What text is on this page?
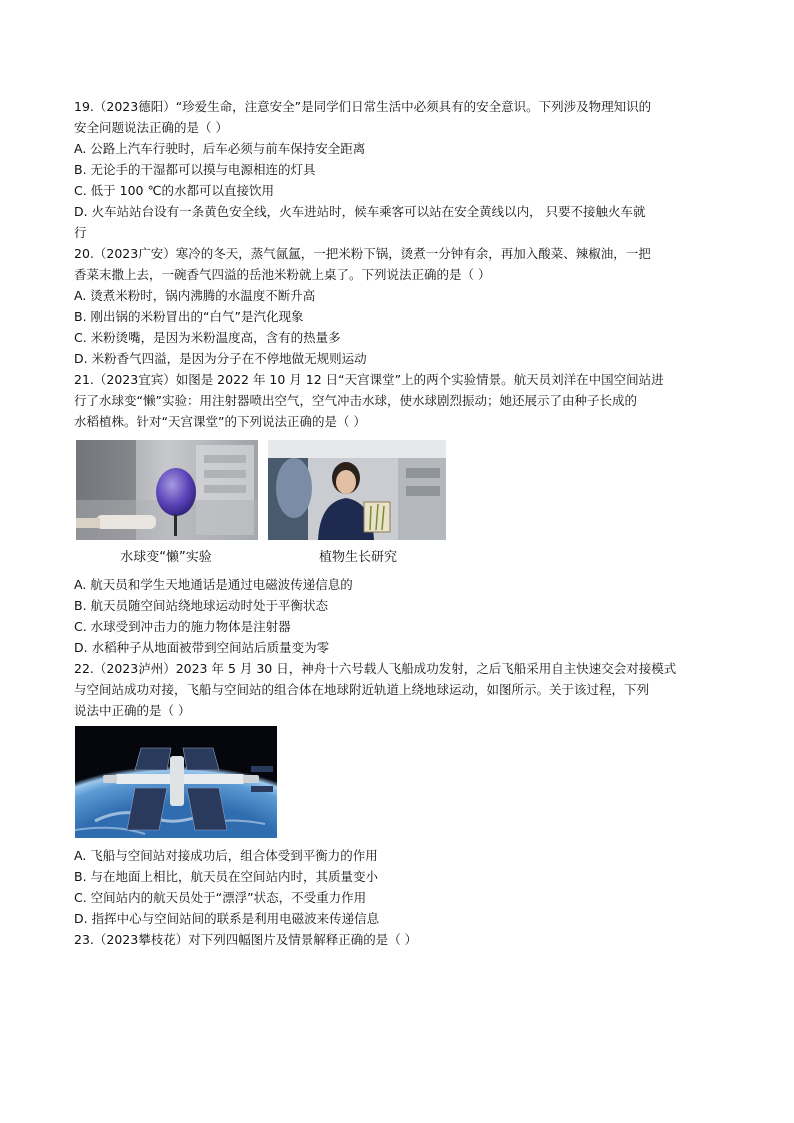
19.（2023德阳）“珍爱生命，注意安全”是同学们日常生活中必须具有的安全意识。下列涉及物理知识的
安全问题说法正确的是（ ）
A. 公路上汽车行驶时，后车必须与前车保持安全距离
B. 无论手的干湿都可以摸与电源相连的灯具
C. 低于 100 ℃的水都可以直接饮用
D. 火车站站台设有一条黄色安全线，火车进站时，候车乘客可以站在安全黄线以内， 只要不接触火车就
行
20.（2023广安）寒冷的冬天，蒸气氤氲，一把米粉下锅，烫煮一分钟有余，再加入酸菜、辣椒油，一把
香菜末撒上去，一碗香气四溢的岳池米粉就上桌了。下列说法正确的是（ ）
A. 烫煮米粉时，锅内沸腾的水温度不断升高
B. 刚出锅的米粉冒出的“白气”是汽化现象
C. 米粉烫嘴，是因为米粉温度高，含有的热量多
D. 米粉香气四溢，是因为分子在不停地做无规则运动
21.（2023宜宾）如图是 2022 年 10 月 12 日“天宫课堂”上的两个实验情景。航天员刘洋在中国空间站进
行了水球变“懒”实验：用注射器喷出空气，空气冲击水球，使水球剧烈振动；她还展示了由种子长成的
水稻植株。针对“天宫课堂”的下列说法正确的是（ ）
水球变“懒”实验	植物生长研究
A. 航天员和学生天地通话是通过电磁波传递信息的
B. 航天员随空间站绕地球运动时处于平衡状态
C. 水球受到冲击力的施力物体是注射器
D. 水稻种子从地面被带到空间站后质量变为零
22.（2023泸州）2023 年 5 月 30 日，神舟十六号载人飞船成功发射，之后飞船采用自主快速交会对接模式
与空间站成功对接，飞船与空间站的组合体在地球附近轨道上绕地球运动，如图所示。关于该过程，下列
说法中正确的是（ ）
A. 飞船与空间站对接成功后，组合体受到平衡力的作用
B. 与在地面上相比，航天员在空间站内时，其质量变小
C. 空间站内的航天员处于“漂浮”状态，不受重力作用
D. 指挥中心与空间站间的联系是利用电磁波来传递信息
23.（2023攀枝花）对下列四幅图片及情景解释正确的是（ ）
